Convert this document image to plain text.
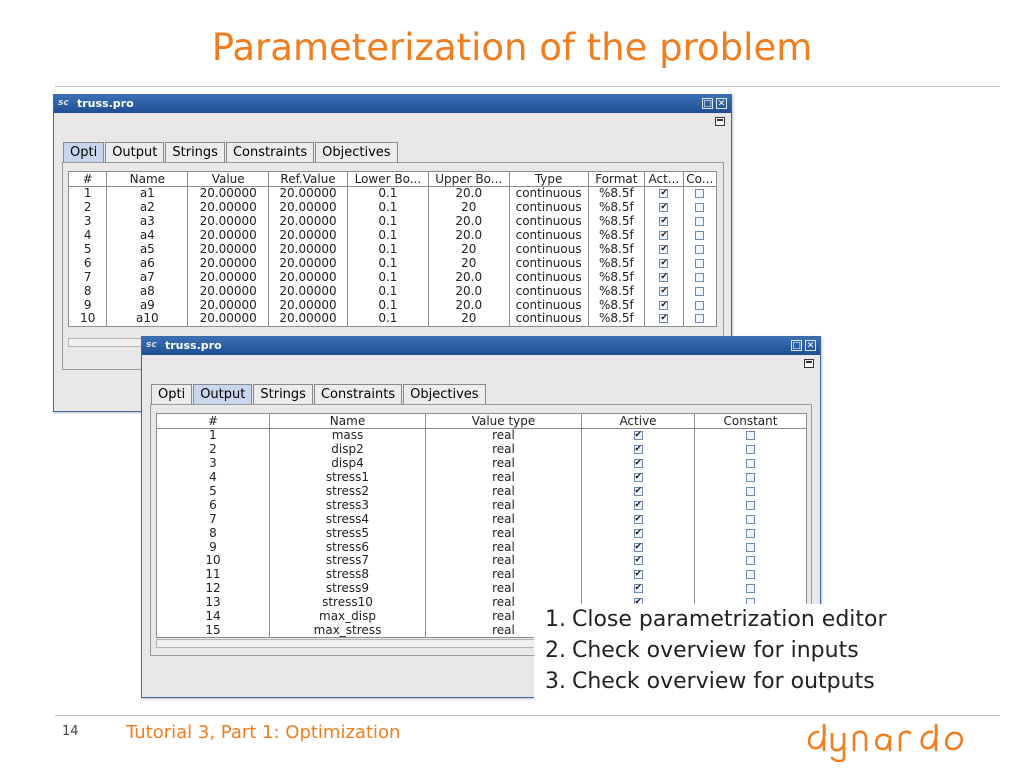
Parameterization of the problem
sc truss.pro	□ ✕
Opti	Output	Strings	Constraints	Objectives
#	Name	Value	Ref.Value	Lower Bo...	Upper Bo...	Type	Format	Act...	Co...
1	a1	20.00000	20.00000	0.1	20.0	continuous	%8.5f	✔	
2	a2	20.00000	20.00000	0.1	20	continuous	%8.5f	✔	
3	a3	20.00000	20.00000	0.1	20.0	continuous	%8.5f	✔	
4	a4	20.00000	20.00000	0.1	20.0	continuous	%8.5f	✔	
5	a5	20.00000	20.00000	0.1	20	continuous	%8.5f	✔	
6	a6	20.00000	20.00000	0.1	20	continuous	%8.5f	✔	
7	a7	20.00000	20.00000	0.1	20.0	continuous	%8.5f	✔	
8	a8	20.00000	20.00000	0.1	20.0	continuous	%8.5f	✔	
9	a9	20.00000	20.00000	0.1	20.0	continuous	%8.5f	✔	
10	a10	20.00000	20.00000	0.1	20	continuous	%8.5f	✔	
sc truss.pro	□ ✕
Opti	Output	Strings	Constraints	Objectives
#	Name	Value type	Active	Constant
1	mass	real	✔	
2	disp2	real	✔	
3	disp4	real	✔	
4	stress1	real	✔	
5	stress2	real	✔	
6	stress3	real	✔	
7	stress4	real	✔	
8	stress5	real	✔	
9	stress6	real	✔	
10	stress7	real	✔	
11	stress8	real	✔	
12	stress9	real	✔	
13	stress10	real	✔	
14	max_disp	real	✔	
15	max_stress	real	✔		1. Close parametrization editor
2. Check overview for inputs
3. Check overview for outputs
14	Tutorial 3, Part 1: Optimization
